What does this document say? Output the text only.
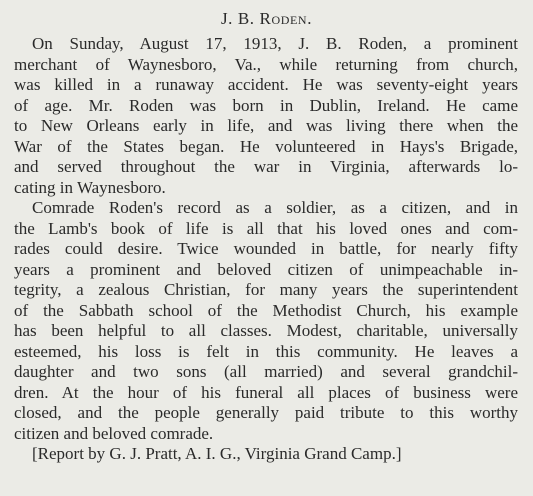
J. B. Roden.
On Sunday, August 17, 1913, J. B. Roden, a prominent
merchant of Waynesboro, Va., while returning from church,
was killed in a runaway accident. He was seventy-eight years
of age. Mr. Roden was born in Dublin, Ireland. He came
to New Orleans early in life, and was living there when the
War of the States began. He volunteered in Hays's Brigade,
and served throughout the war in Virginia, afterwards lo-
cating in Waynesboro.
Comrade Roden's record as a soldier, as a citizen, and in
the Lamb's book of life is all that his loved ones and com-
rades could desire. Twice wounded in battle, for nearly fifty
years a prominent and beloved citizen of unimpeachable in-
tegrity, a zealous Christian, for many years the superintendent
of the Sabbath school of the Methodist Church, his example
has been helpful to all classes. Modest, charitable, universally
esteemed, his loss is felt in this community. He leaves a
daughter and two sons (all married) and several grandchil-
dren. At the hour of his funeral all places of business were
closed, and the people generally paid tribute to this worthy
citizen and beloved comrade.
[Report by G. J. Pratt, A. I. G., Virginia Grand Camp.]
